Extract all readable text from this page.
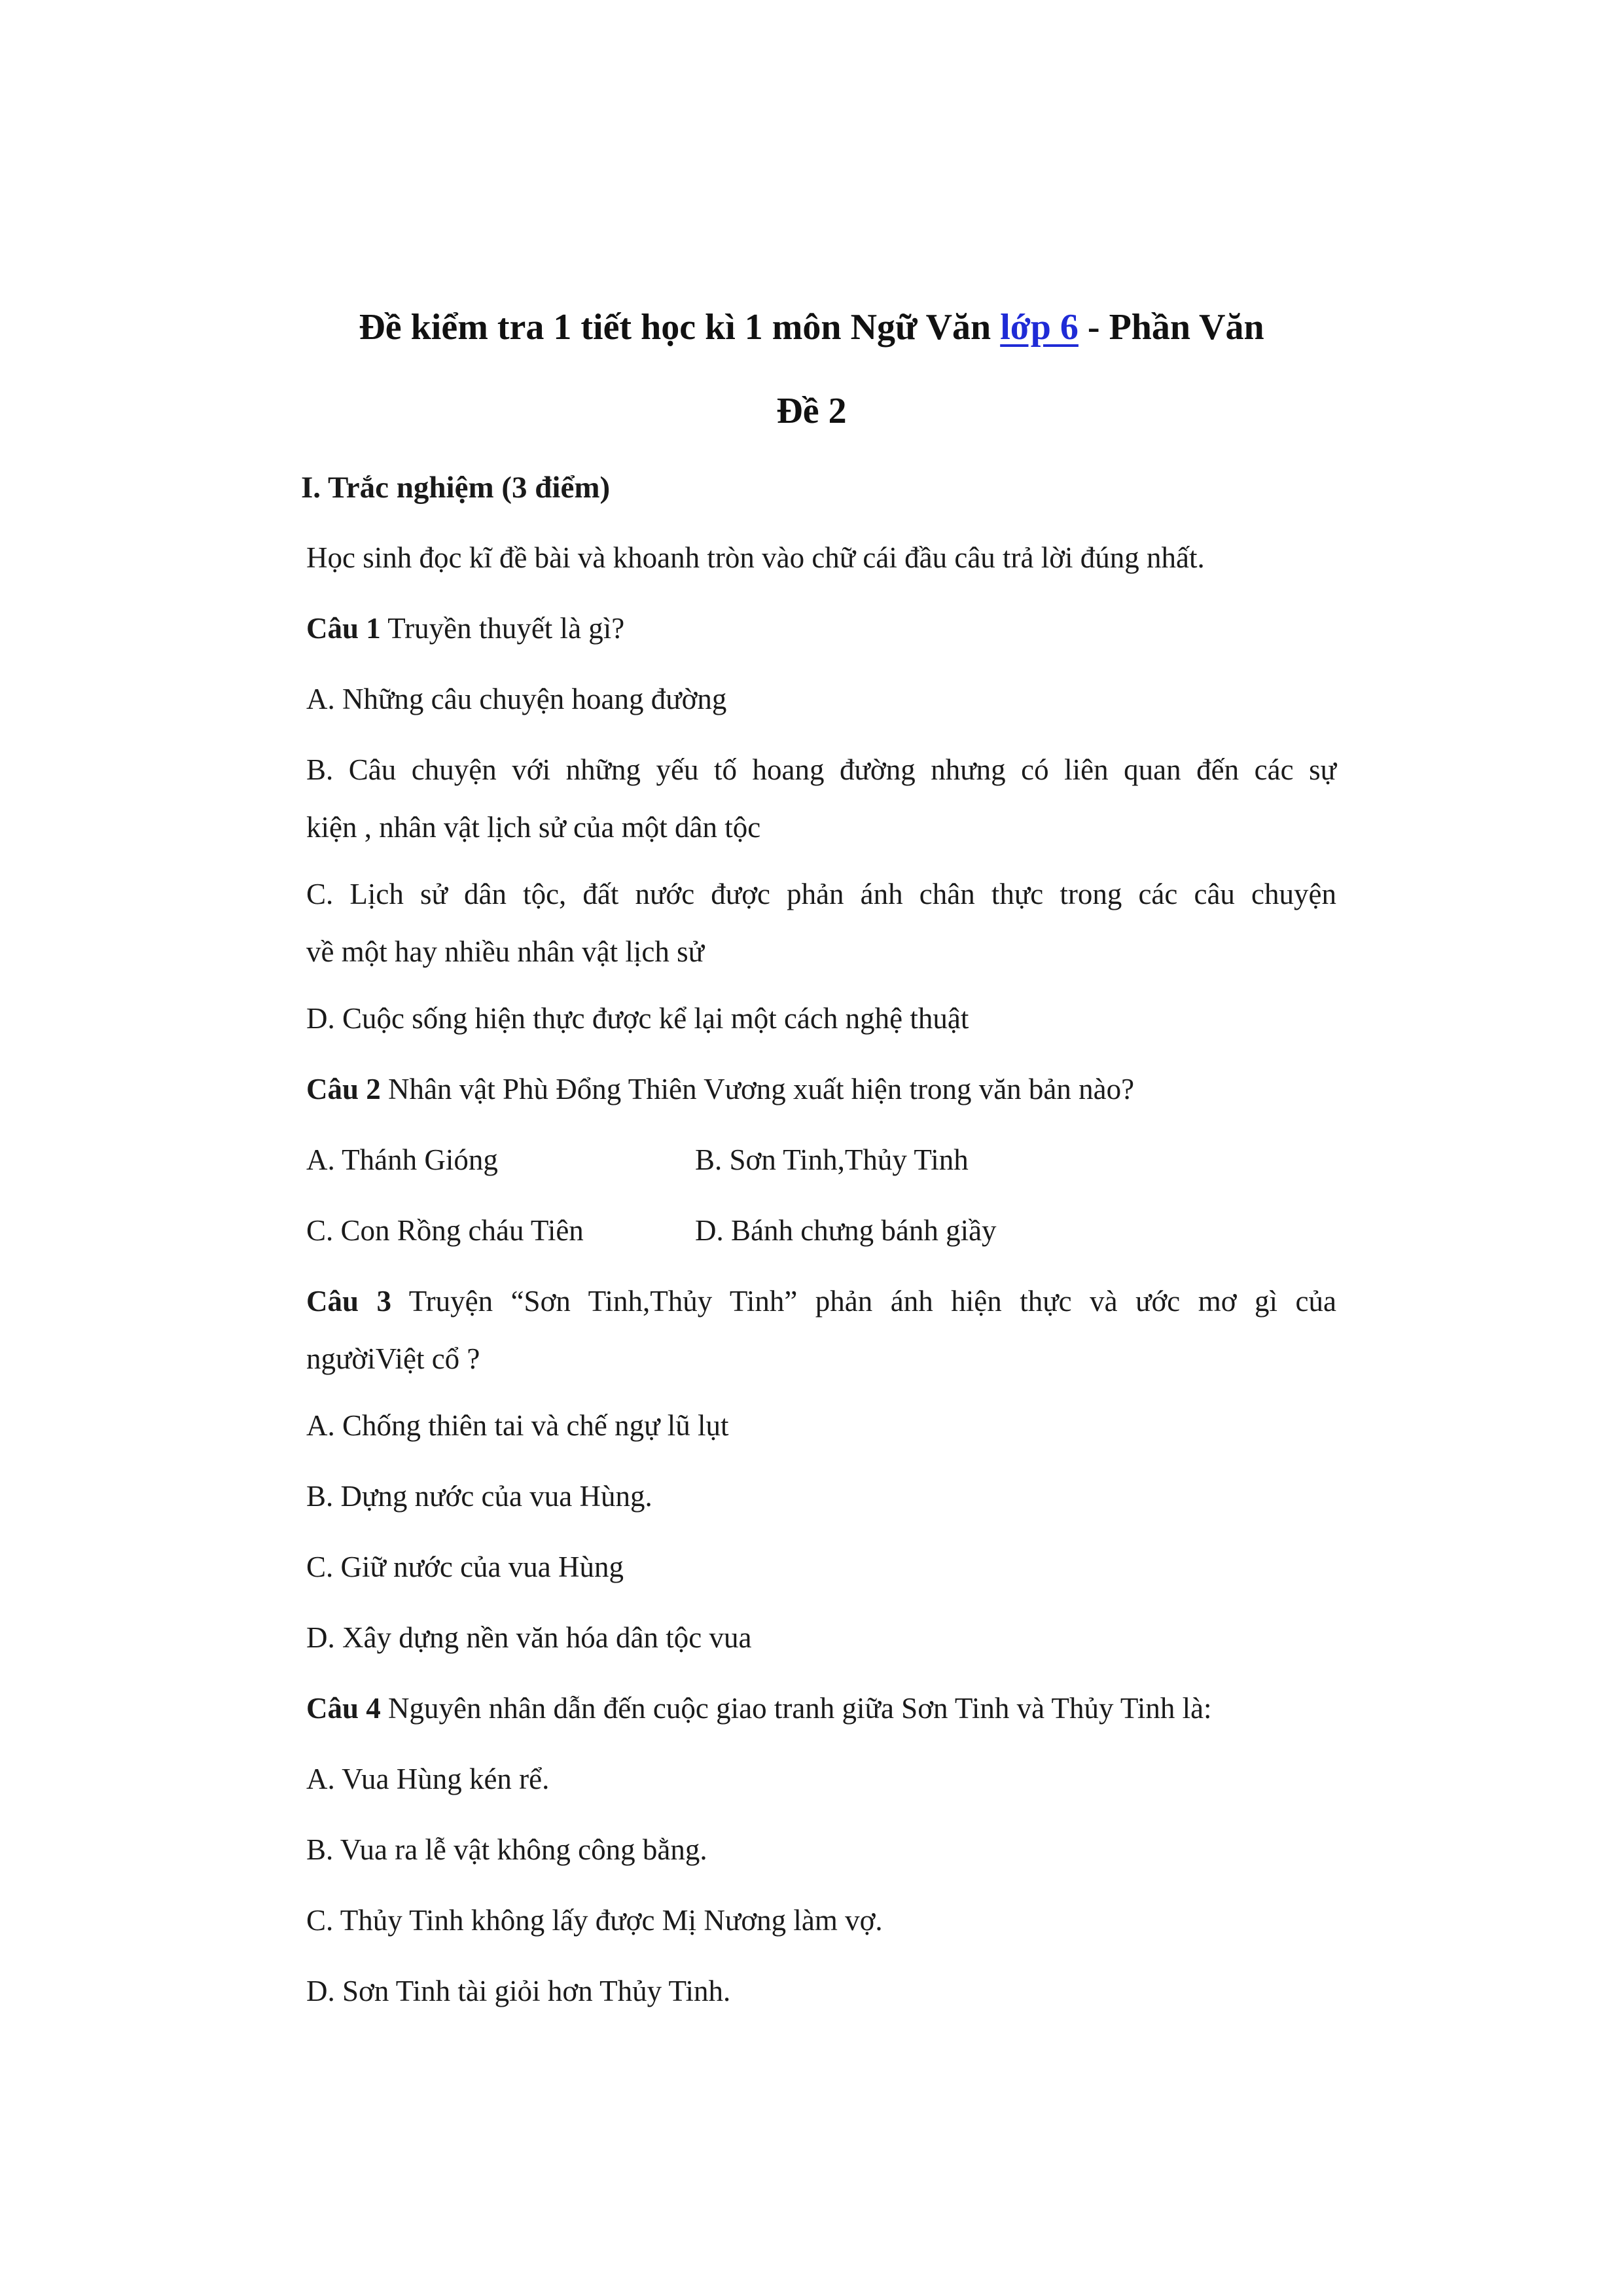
Đề kiểm tra 1 tiết học kì 1 môn Ngữ Văn lớp 6 - Phần Văn
Đề 2
I. Trắc nghiệm (3 điểm)
Học sinh đọc kĩ đề bài và khoanh tròn vào chữ cái đầu câu trả lời đúng nhất.
Câu 1 Truyền thuyết là gì?
A. Những câu chuyện hoang đường
B. Câu chuyện với những yếu tố hoang đường nhưng có liên quan đến các sự
kiện , nhân vật lịch sử của một dân tộc
C. Lịch sử dân tộc, đất nước được phản ánh chân thực trong các câu chuyện
về một hay nhiều nhân vật lịch sử
D. Cuộc sống hiện thực được kể lại một cách nghệ thuật
Câu 2 Nhân vật Phù Đổng Thiên Vương xuất hiện trong văn bản nào?
A. Thánh Gióng	B. Sơn Tinh,Thủy Tinh
C. Con Rồng cháu Tiên	D. Bánh chưng bánh giầy
Câu 3 Truyện “Sơn Tinh,Thủy Tinh” phản ánh hiện thực và ước mơ gì của
ngườiViệt cổ ?
A. Chống thiên tai và chế ngự lũ lụt
B. Dựng nước của vua Hùng.
C. Giữ nước của vua Hùng
D. Xây dựng nền văn hóa dân tộc vua
Câu 4 Nguyên nhân dẫn đến cuộc giao tranh giữa Sơn Tinh và Thủy Tinh là:
A. Vua Hùng kén rể.
B. Vua ra lễ vật không công bằng.
C. Thủy Tinh không lấy được Mị Nương làm vợ.
D. Sơn Tinh tài giỏi hơn Thủy Tinh.
